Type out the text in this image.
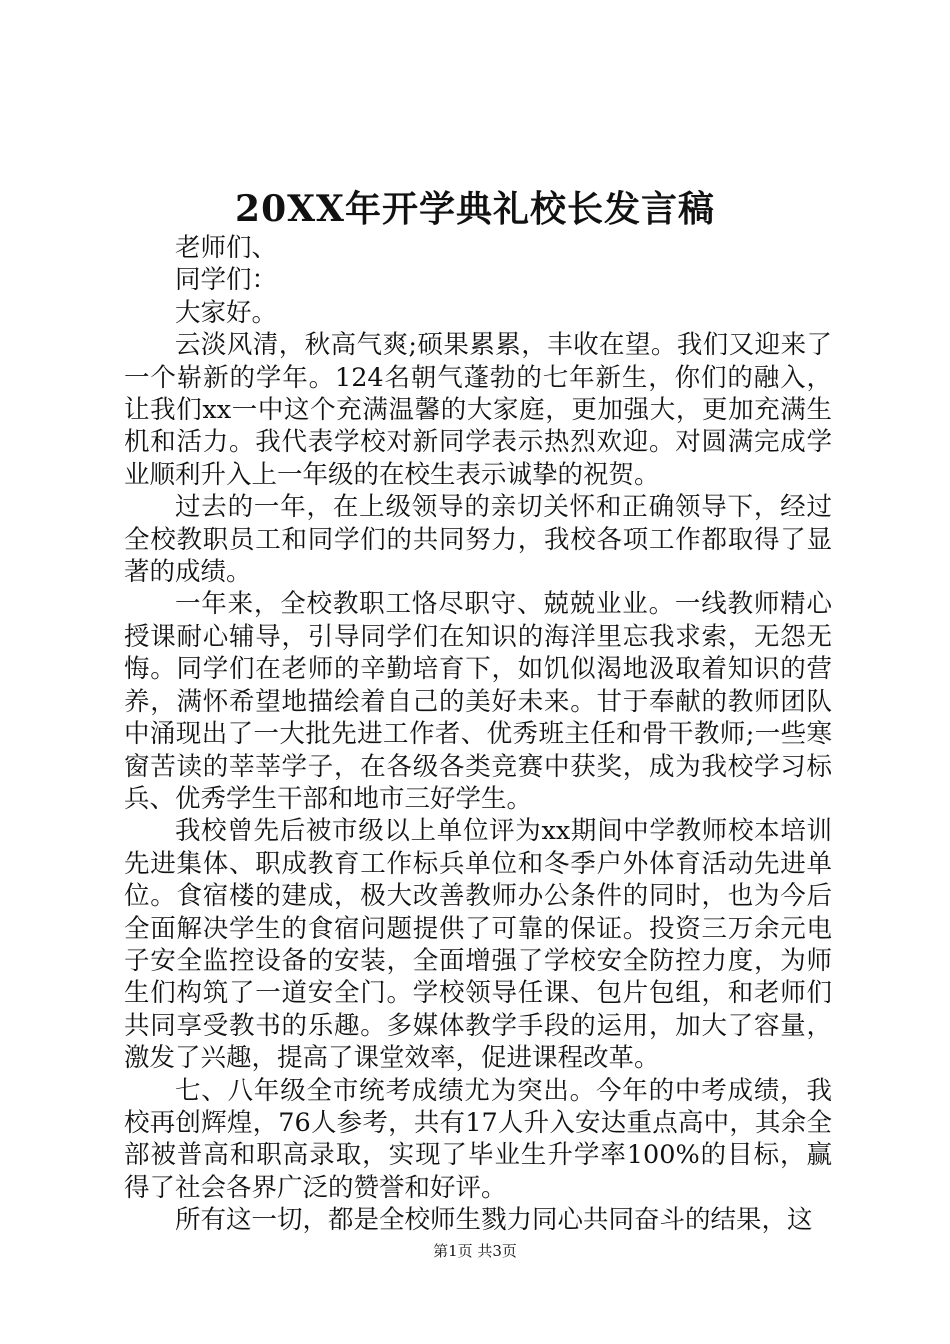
20XX年开学典礼校长发言稿

老师们、

同学们：

大家好。

云淡风清，秋高气爽;硕果累累，丰收在望。我们又迎来了一个崭新的学年。124名朝气蓬勃的七年新生，你们的融入，让我们xx一中这个充满温馨的大家庭，更加强大，更加充满生机和活力。我代表学校对新同学表示热烈欢迎。对圆满完成学业顺利升入上一年级的在校生表示诚挚的祝贺。

过去的一年，在上级领导的亲切关怀和正确领导下，经过全校教职员工和同学们的共同努力，我校各项工作都取得了显著的成绩。

一年来，全校教职工恪尽职守、兢兢业业。一线教师精心授课耐心辅导，引导同学们在知识的海洋里忘我求索，无怨无悔。同学们在老师的辛勤培育下，如饥似渴地汲取着知识的营养，满怀希望地描绘着自己的美好未来。甘于奉献的教师团队中涌现出了一大批先进工作者、优秀班主任和骨干教师;一些寒窗苦读的莘莘学子，在各级各类竞赛中获奖，成为我校学习标兵、优秀学生干部和地市三好学生。

我校曾先后被市级以上单位评为xx期间中学教师校本培训先进集体、职成教育工作标兵单位和冬季户外体育活动先进单位。食宿楼的建成，极大改善教师办公条件的同时，也为今后全面解决学生的食宿问题提供了可靠的保证。投资三万余元电子安全监控设备的安装，全面增强了学校安全防控力度，为师生们构筑了一道安全门。学校领导任课、包片包组，和老师们共同享受教书的乐趣。多媒体教学手段的运用，加大了容量，激发了兴趣，提高了课堂效率，促进课程改革。

七、八年级全市统考成绩尤为突出。今年的中考成绩，我校再创辉煌，76人参考，共有17人升入安达重点高中，其余全部被普高和职高录取，实现了毕业生升学率100%的目标，赢得了社会各界广泛的赞誉和好评。

所有这一切，都是全校师生戮力同心共同奋斗的结果，这

第1页 共3页
